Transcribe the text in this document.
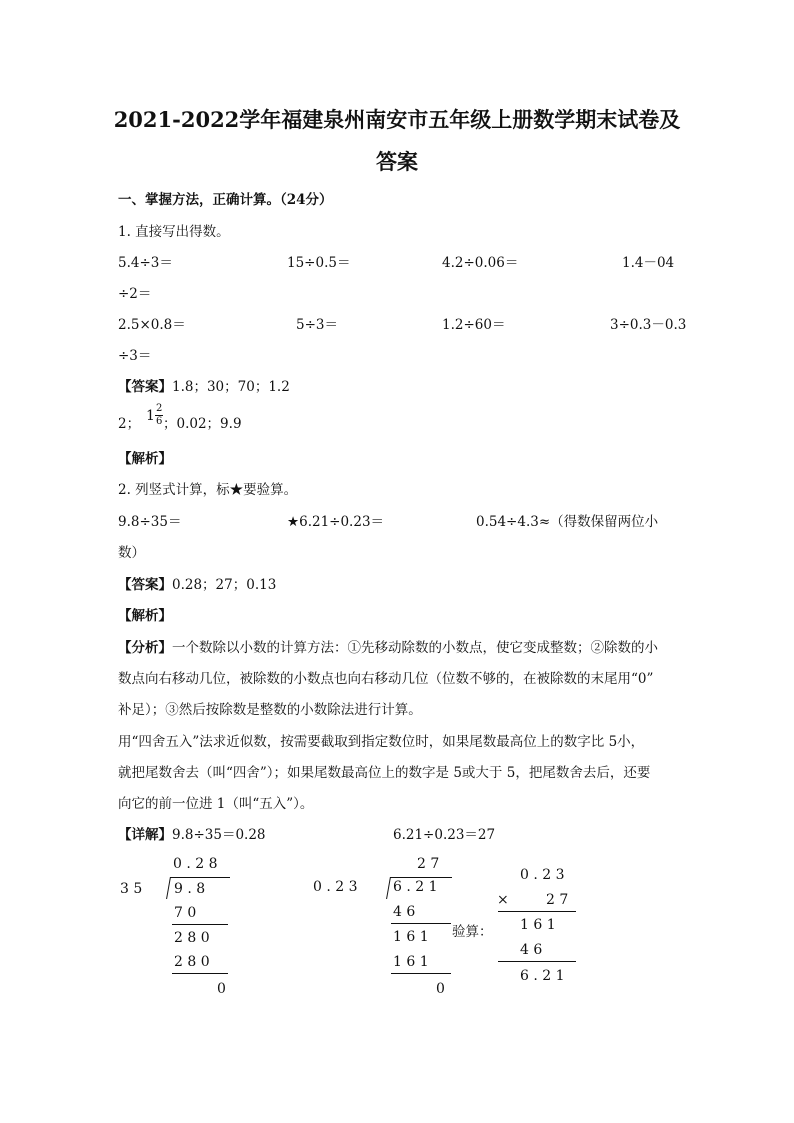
2021-2022学年福建泉州南安市五年级上册数学期末试卷及
答案
一、掌握方法，正确计算。（24分）
1. 直接写出得数。
5.4÷3＝	15÷0.5＝	4.2÷0.06＝	1.4－04
÷2＝
2.5×0.8＝	5÷3＝	1.2÷60＝	3÷0.3－0.3
÷3＝
【答案】1.8；30；70；1.2
2； 1 2
6 ；0.02；9.9
【解析】
2. 列竖式计算，标★要验算。
9.8÷35＝	★6.21÷0.23＝	0.54÷4.3≈（得数保留两位小
数）
【答案】0.28；27；0.13
【解析】
【分析】一个数除以小数的计算方法：①先移动除数的小数点，使它变成整数；②除数的小
数点向右移动几位，被除数的小数点也向右移动几位（位数不够的，在被除数的末尾用“0”
补足）；③然后按除数是整数的小数除法进行计算。
用“四舍五入”法求近似数，按需要截取到指定数位时，如果尾数最高位上的数字比 5小，
就把尾数舍去（叫“四舍”）；如果尾数最高位上的数字是 5或大于 5，把尾数舍去后，还要
向它的前一位进 1（叫“五入”）。
【详解】9.8÷35＝0.28	6.21÷0.23＝27
0 . 2 8
3 5 9 . 8
7 0
2 8 0
2 8 0
0
2 7
0 . 2 3	6 . 2 1
4 6
1 6 1
1 6 1
0
验算：
0 . 2 3
×	2 7
1 6 1
4 6
6 . 2 1
